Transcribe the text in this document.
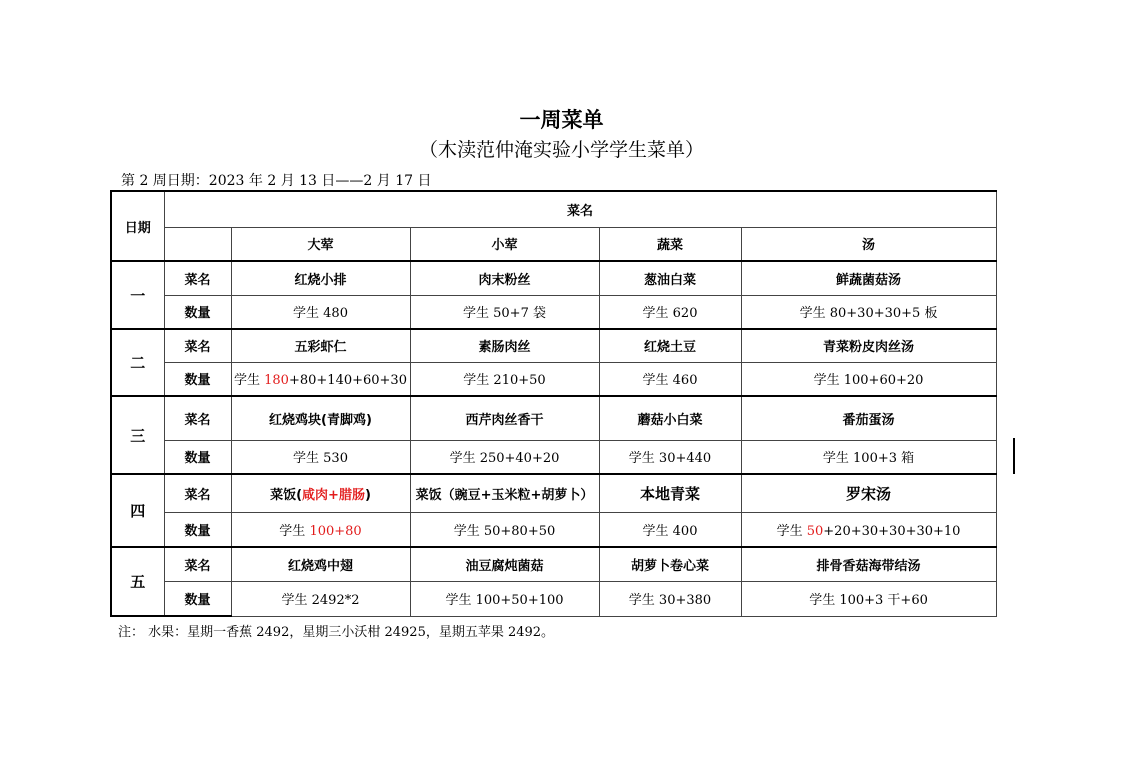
一周菜单
（木渎范仲淹实验小学学生菜单）
第 2 周日期：2023 年 2 月 13 日——2 月 17 日
日期	菜名				
		大荤	小荤	蔬菜	汤
一	菜名	红烧小排	肉末粉丝	葱油白菜	鲜蔬菌菇汤
	数量	学生 480	学生 50+7 袋	学生 620	学生 80+30+30+5 板
二	菜名	五彩虾仁	素肠肉丝	红烧土豆	青菜粉皮肉丝汤
	数量	学生 180+80+140+60+30	学生 210+50	学生 460	学生 100+60+20
三	菜名	红烧鸡块(青脚鸡)	西芹肉丝香干	蘑菇小白菜	番茄蛋汤
	数量	学生 530	学生 250+40+20	学生 30+440	学生 100+3 箱
四	菜名	菜饭(咸肉+腊肠)	菜饭（豌豆+玉米粒+胡萝卜）	本地青菜	罗宋汤
	数量	学生 100+80	学生 50+80+50	学生 400	学生 50+20+30+30+30+10
五	菜名	红烧鸡中翅	油豆腐炖菌菇	胡萝卜卷心菜	排骨香菇海带结汤
	数量	学生 2492*2	学生 100+50+100	学生 30+380	学生 100+3 干+60
注： 水果：星期一香蕉 2492，星期三小沃柑 24925，星期五苹果 2492。
